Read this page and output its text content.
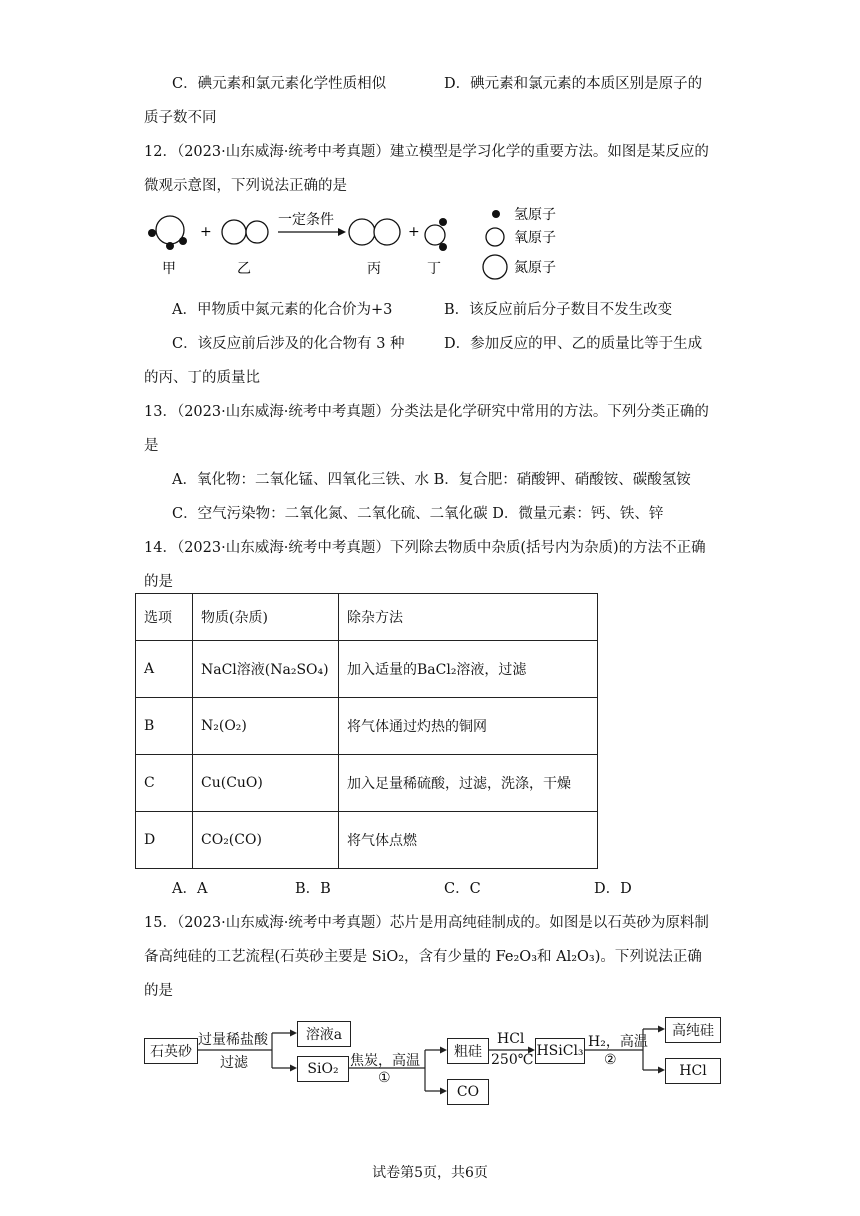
C．碘元素和氯元素化学性质相似	D．碘元素和氯元素的本质区别是原子的
质子数不同
12．（2023·山东威海·统考中考真题）建立模型是学习化学的重要方法。如图是某反应的
微观示意图，下列说法正确的是
+
一定条件
+
甲	乙	丙	丁
氢原子
氧原子
氮原子
A．甲物质中氮元素的化合价为+3	B．该反应前后分子数目不发生改变
C．该反应前后涉及的化合物有 3 种	D．参加反应的甲、乙的质量比等于生成
的丙、丁的质量比
13．（2023·山东威海·统考中考真题）分类法是化学研究中常用的方法。下列分类正确的
是
A．氧化物：二氧化锰、四氧化三铁、水 B．复合肥：硝酸钾、硝酸铵、碳酸氢铵
C．空气污染物：二氧化氮、二氧化硫、二氧化碳 D．微量元素：钙、铁、锌
14．（2023·山东威海·统考中考真题）下列除去物质中杂质(括号内为杂质)的方法不正确
的是
选项	物质(杂质)	除杂方法
A	NaCl溶液(Na₂SO₄)	加入适量的BaCl₂溶液，过滤
B	N₂(O₂)	将气体通过灼热的铜网
C	Cu(CuO)	加入足量稀硫酸，过滤，洗涤，干燥
D	CO₂(CO)	将气体点燃
A．A	B．B	C．C	D．D
15．（2023·山东威海·统考中考真题）芯片是用高纯硅制成的。如图是以石英砂为原料制
备高纯硅的工艺流程(石英砂主要是 SiO₂，含有少量的 Fe₂O₃和 Al₂O₃)。下列说法正确
的是
石英砂
过量稀盐酸
过滤
溶液a
SiO₂ 焦炭，高温
①
粗硅
CO
HCl
250℃
HSiCl₃
H₂，高温
②
高纯硅
HCl
试卷第5页，共6页
